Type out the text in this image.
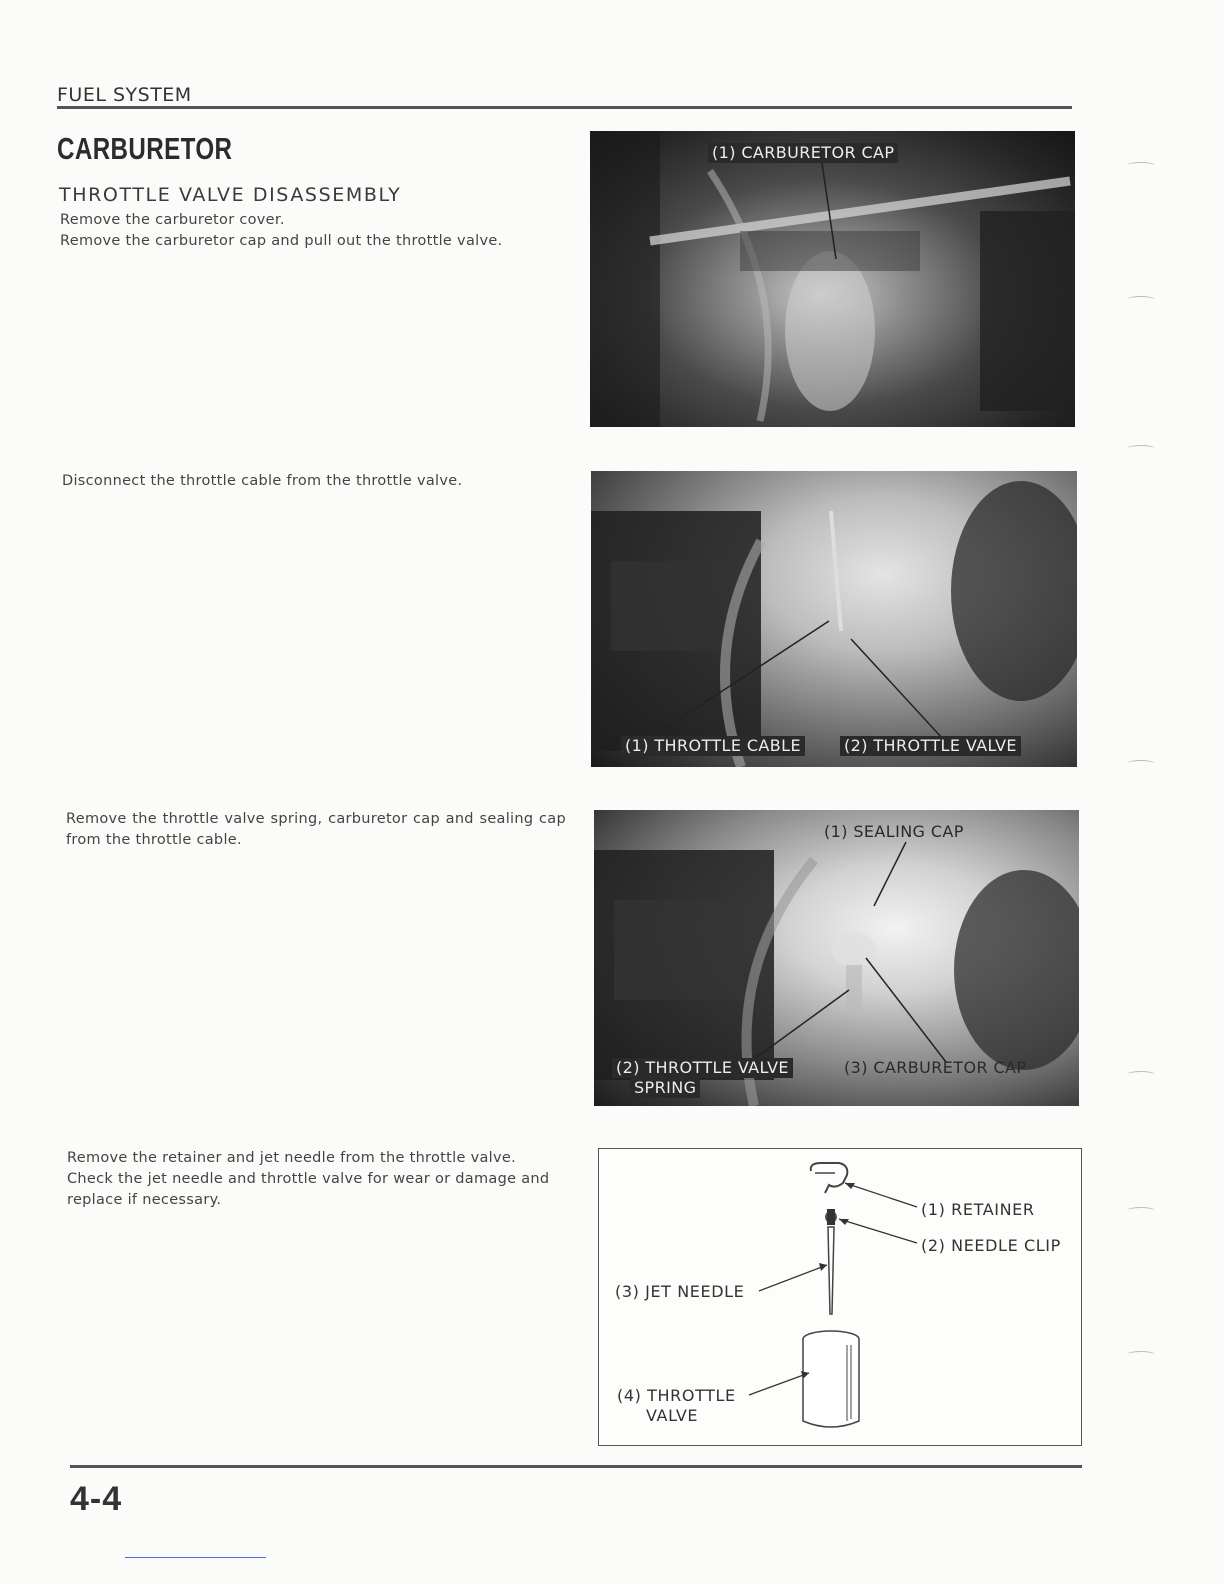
FUEL SYSTEM
CARBURETOR
THROTTLE VALVE DISASSEMBLY

Remove the carburetor cover.

Remove the carburetor cap and pull out the throttle valve.

Disconnect the throttle cable from the throttle valve.

Remove the throttle valve spring, carburetor cap and sealing cap from the throttle cable.

Remove the retainer and jet needle from the throttle valve.

Check the jet needle and throttle valve for wear or damage and replace if necessary.

(1) CARBURETOR CAP
(1) THROTTLE CABLE	(2) THROTTLE VALVE
(1) SEALING CAP
(2) THROTTLE VALVE
SPRING
(3) CARBURETOR CAP
(1) RETAINER
(2) NEEDLE CLIP
(3) JET NEEDLE
(4) THROTTLE
VALVE
4-4
